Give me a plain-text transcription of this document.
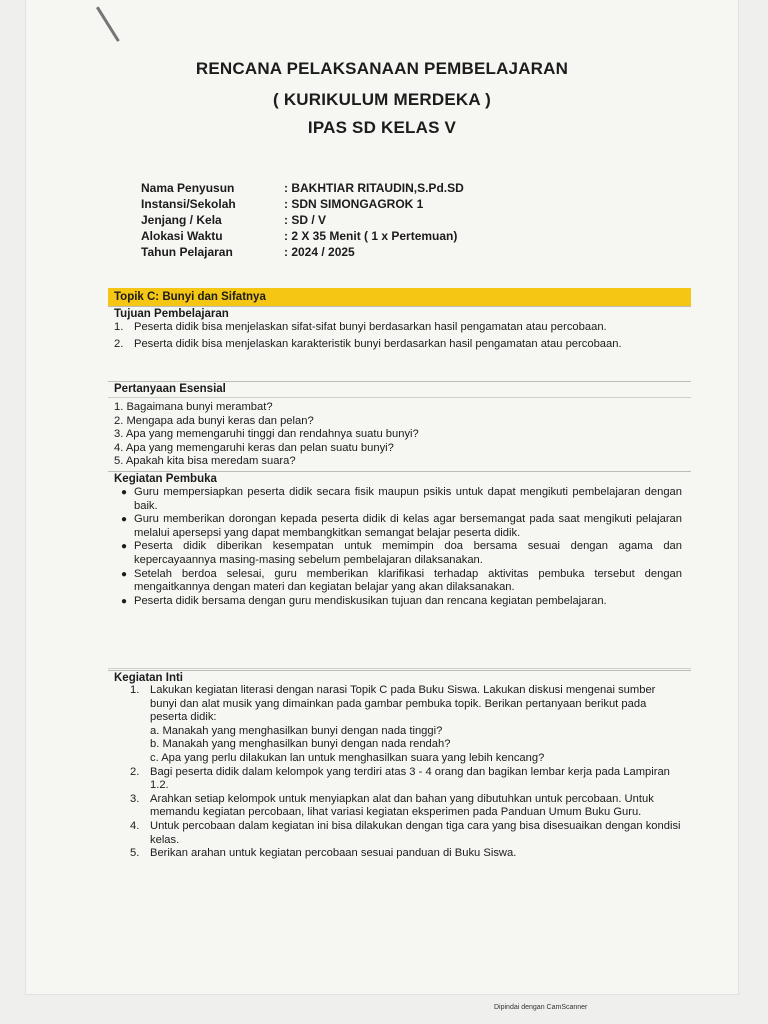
RENCANA PELAKSANAAN PEMBELAJARAN
( KURIKULUM MERDEKA )
IPAS SD KELAS V
Nama Penyusun	: BAKHTIAR RITAUDIN,S.Pd.SD
Instansi/Sekolah	: SDN SIMONGAGROK 1
Jenjang / Kela	: SD / V
Alokasi Waktu	: 2 X 35 Menit ( 1 x Pertemuan)
Tahun Pelajaran	: 2024 / 2025
Topik C: Bunyi dan Sifatnya
Tujuan Pembelajaran
1. Peserta didik bisa menjelaskan sifat-sifat bunyi berdasarkan hasil pengamatan atau percobaan.
2. Peserta didik bisa menjelaskan karakteristik bunyi berdasarkan hasil pengamatan atau percobaan.
Pertanyaan Esensial
1. Bagaimana bunyi merambat?
2. Mengapa ada bunyi keras dan pelan?
3. Apa yang memengaruhi tinggi dan rendahnya suatu bunyi?
4. Apa yang memengaruhi keras dan pelan suatu bunyi?
5. Apakah kita bisa meredam suara?
Kegiatan Pembuka
● Guru mempersiapkan peserta didik secara fisik maupun psikis untuk dapat mengikuti pembelajaran dengan baik.
● Guru memberikan dorongan kepada peserta didik di kelas agar bersemangat pada saat mengikuti pelajaran melalui apersepsi yang dapat membangkitkan semangat belajar peserta didik.
● Peserta didik diberikan kesempatan untuk memimpin doa bersama sesuai dengan agama dan kepercayaannya masing-masing sebelum pembelajaran dilaksanakan.
● Setelah berdoa selesai, guru memberikan klarifikasi terhadap aktivitas pembuka tersebut dengan mengaitkannya dengan materi dan kegiatan belajar yang akan dilaksanakan.
● Peserta didik bersama dengan guru mendiskusikan tujuan dan rencana kegiatan pembelajaran.
Kegiatan Inti
1. Lakukan kegiatan literasi dengan narasi Topik C pada Buku Siswa. Lakukan diskusi mengenai sumber bunyi dan alat musik yang dimainkan pada gambar pembuka topik. Berikan pertanyaan berikut pada peserta didik:
a. Manakah yang menghasilkan bunyi dengan nada tinggi?
b. Manakah yang menghasilkan bunyi dengan nada rendah?
c. Apa yang perlu dilakukan lan untuk menghasilkan suara yang lebih kencang?
2. Bagi peserta didik dalam kelompok yang terdiri atas 3 - 4 orang dan bagikan lembar kerja pada Lampiran 1.2.
3. Arahkan setiap kelompok untuk menyiapkan alat dan bahan yang dibutuhkan untuk percobaan. Untuk memandu kegiatan percobaan, lihat variasi kegiatan eksperimen pada Panduan Umum Buku Guru.
4. Untuk percobaan dalam kegiatan ini bisa dilakukan dengan tiga cara yang bisa disesuaikan dengan kondisi kelas.
5. Berikan arahan untuk kegiatan percobaan sesuai panduan di Buku Siswa.
Dipindai dengan CamScanner
